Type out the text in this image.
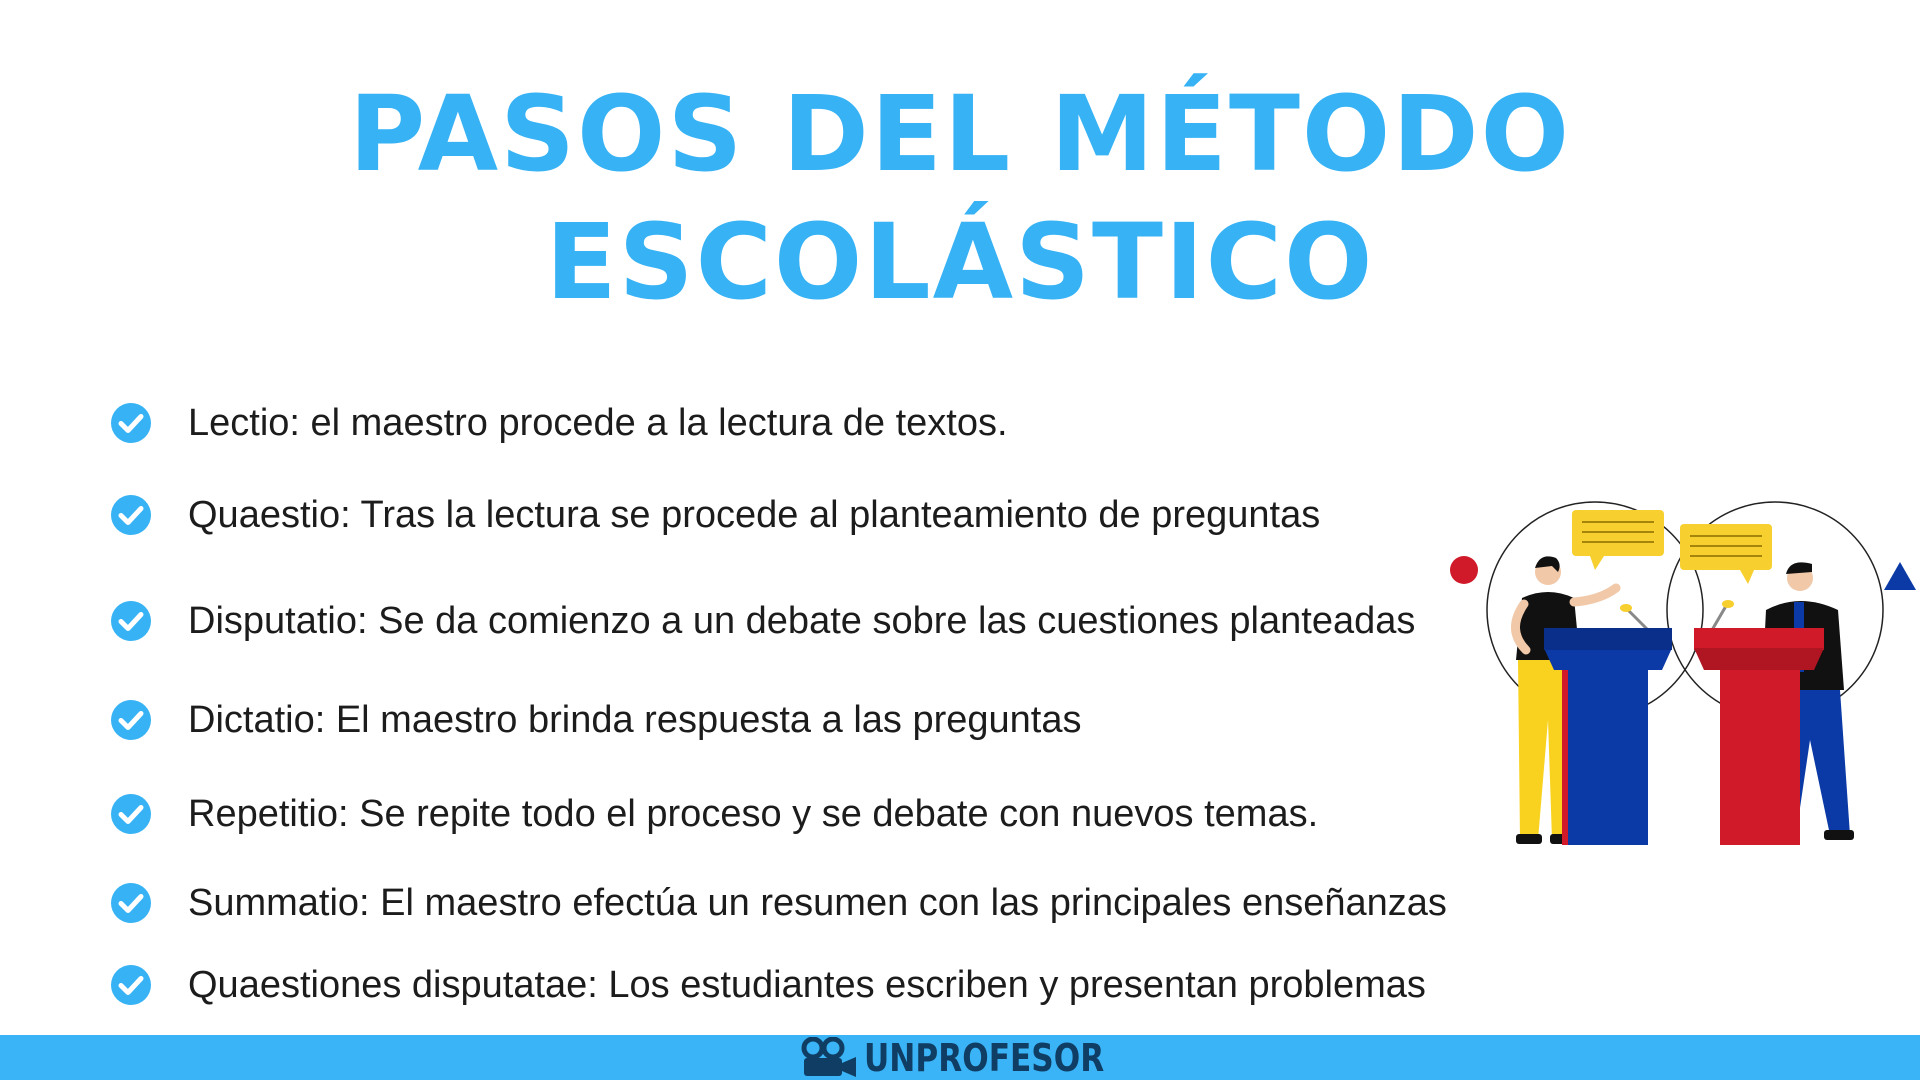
PASOS DEL MÉTODO
ESCOLÁSTICO
Lectio: el maestro procede a la lectura de textos.
Quaestio: Tras la lectura se procede al planteamiento de preguntas
Disputatio: Se da comienzo a un debate sobre las cuestiones planteadas
Dictatio: El maestro brinda respuesta a las preguntas
Repetitio: Se repite todo el proceso y se debate con nuevos temas.
Summatio: El maestro efectúa un resumen con las principales enseñanzas
Quaestiones disputatae: Los estudiantes escriben y presentan problemas
UNPROFESOR
